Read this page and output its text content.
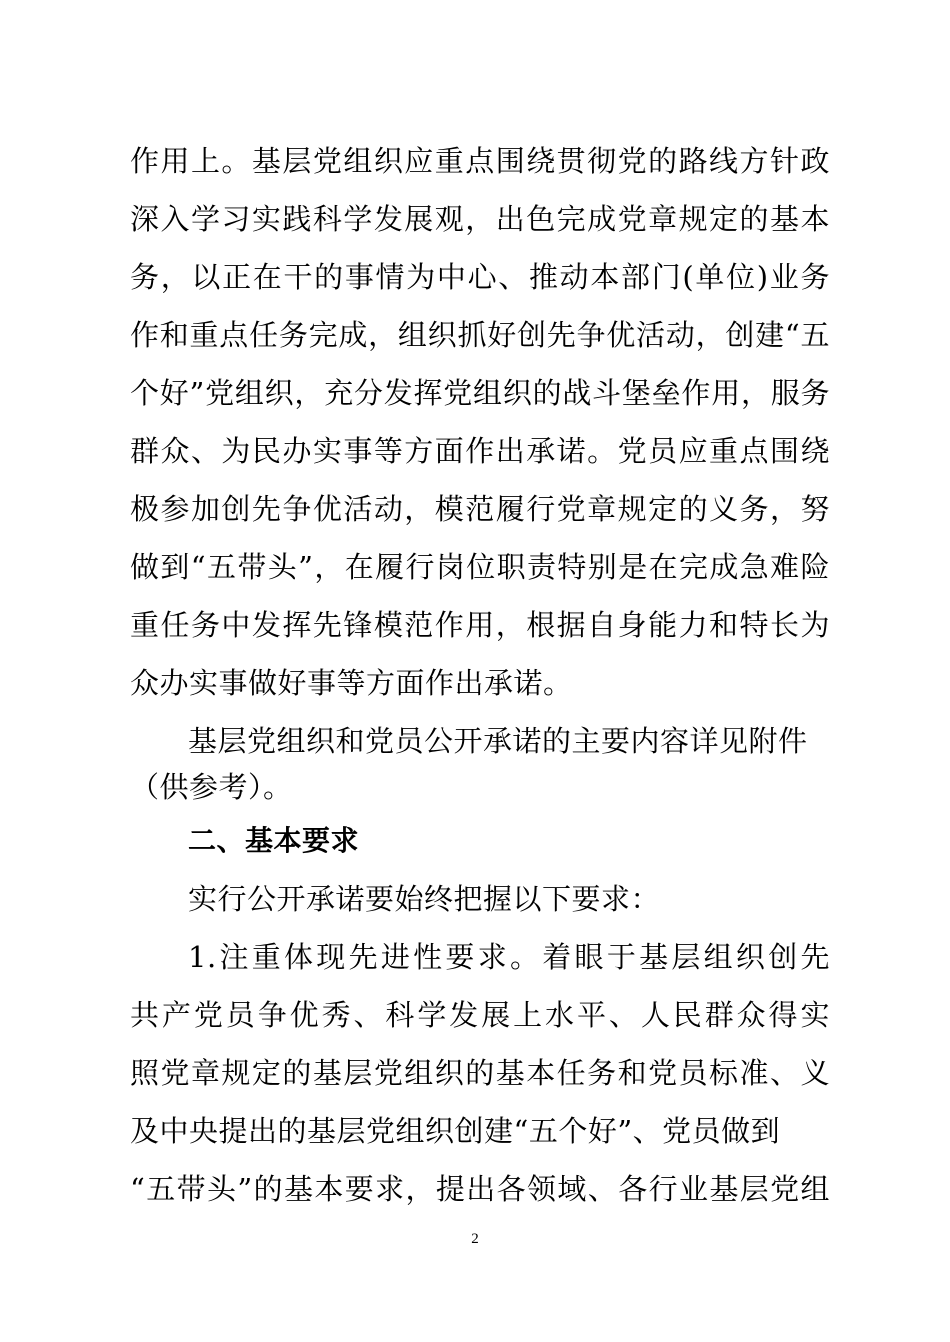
作用上。基层党组织应重点围绕贯彻党的路线方针政
深入学习实践科学发展观，出色完成党章规定的基本
务，以正在干的事情为中心、推动本部门(单位)业务
作和重点任务完成，组织抓好创先争优活动，创建“五
个好”党组织，充分发挥党组织的战斗堡垒作用，服务
群众、为民办实事等方面作出承诺。党员应重点围绕
极参加创先争优活动，模范履行党章规定的义务，努
做到“五带头”，在履行岗位职责特别是在完成急难险
重任务中发挥先锋模范作用，根据自身能力和特长为
众办实事做好事等方面作出承诺。
基层党组织和党员公开承诺的主要内容详见附件
（供参考）。
二、基本要求
实行公开承诺要始终把握以下要求：
1.注重体现先进性要求。着眼于基层组织创先
共产党员争优秀、科学发展上水平、人民群众得实
照党章规定的基层党组织的基本任务和党员标准、义
及中央提出的基层党组织创建“五个好”、党员做到
“五带头”的基本要求，提出各领域、各行业基层党组
2
